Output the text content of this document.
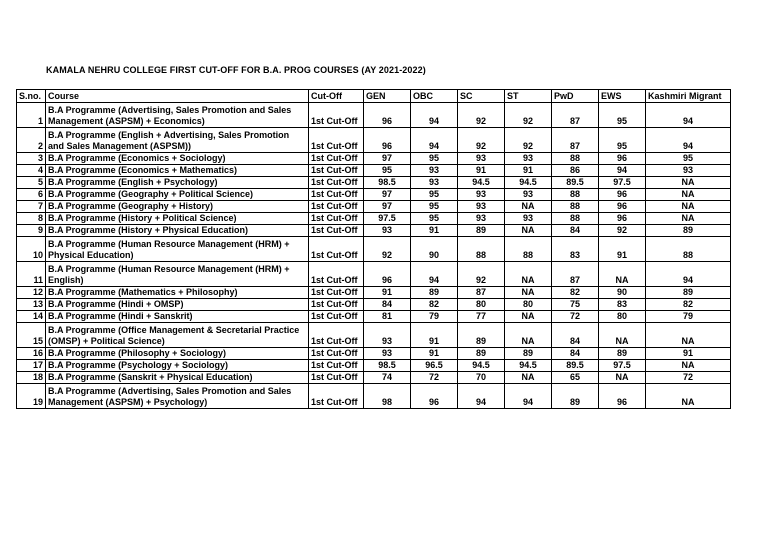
KAMALA NEHRU COLLEGE FIRST CUT-OFF FOR B.A. PROG COURSES (AY 2021-2022)
S.no.	Course	Cut-Off	GEN	OBC	SC	ST	PwD	EWS	Kashmiri Migrant
1	B.A Programme (Advertising, Sales Promotion and Sales Management (ASPSM) + Economics)	1st Cut-Off	96	94	92	92	87	95	94
2	B.A Programme (English + Advertising, Sales Promotion and Sales Management (ASPSM))	1st Cut-Off	96	94	92	92	87	95	94
3	B.A Programme (Economics + Sociology)	1st Cut-Off	97	95	93	93	88	96	95
4	B.A Programme (Economics + Mathematics)	1st Cut-Off	95	93	91	91	86	94	93
5	B.A Programme (English + Psychology)	1st Cut-Off	98.5	93	94.5	94.5	89.5	97.5	NA
6	B.A Programme (Geography + Political Science)	1st Cut-Off	97	95	93	93	88	96	NA
7	B.A Programme (Geography + History)	1st Cut-Off	97	95	93	NA	88	96	NA
8	B.A Programme (History + Political Science)	1st Cut-Off	97.5	95	93	93	88	96	NA
9	B.A Programme (History + Physical Education)	1st Cut-Off	93	91	89	NA	84	92	89
10	B.A Programme (Human Resource Management (HRM) + Physical Education)	1st Cut-Off	92	90	88	88	83	91	88
11	B.A Programme (Human Resource Management (HRM) + English)	1st Cut-Off	96	94	92	NA	87	NA	94
12	B.A Programme (Mathematics + Philosophy)	1st Cut-Off	91	89	87	NA	82	90	89
13	B.A Programme (Hindi + OMSP)	1st Cut-Off	84	82	80	80	75	83	82
14	B.A Programme (Hindi + Sanskrit)	1st Cut-Off	81	79	77	NA	72	80	79
15	B.A Programme (Office Management & Secretarial Practice (OMSP) + Political Science)	1st Cut-Off	93	91	89	NA	84	NA	NA
16	B.A Programme (Philosophy + Sociology)	1st Cut-Off	93	91	89	89	84	89	91
17	B.A Programme (Psychology + Sociology)	1st Cut-Off	98.5	96.5	94.5	94.5	89.5	97.5	NA
18	B.A Programme (Sanskrit + Physical Education)	1st Cut-Off	74	72	70	NA	65	NA	72
19	B.A Programme (Advertising, Sales Promotion and Sales Management (ASPSM) + Psychology)	1st Cut-Off	98	96	94	94	89	96	NA
